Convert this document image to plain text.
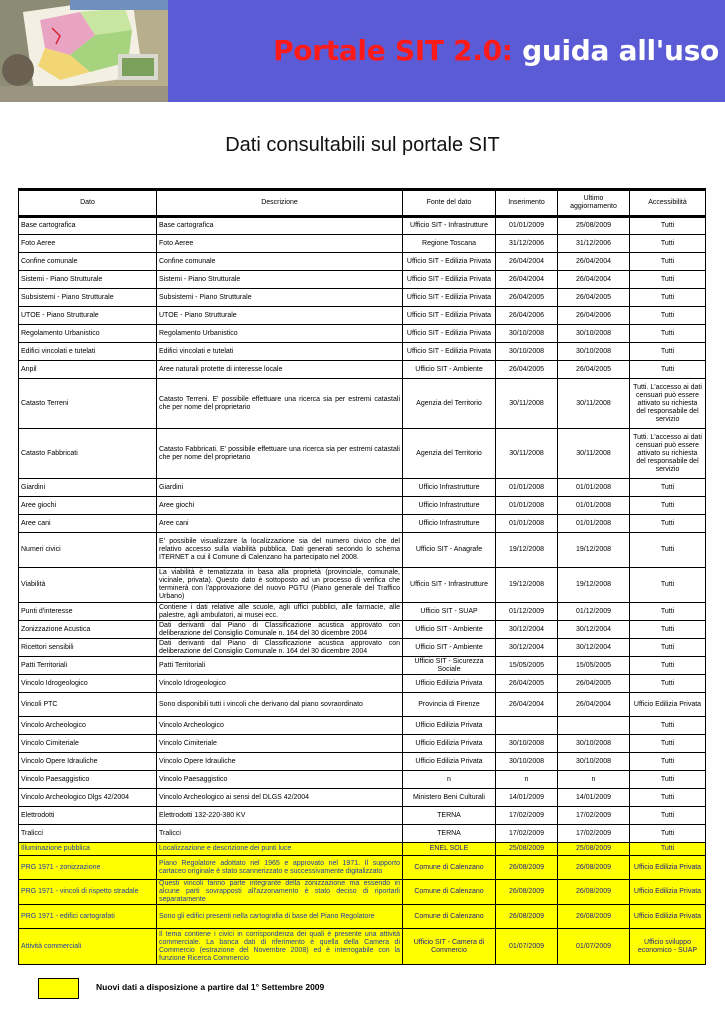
Portale SIT 2.0: guida all'uso
Dati consultabili sul portale SIT
Dato	Descrizione	Fonte del dato	Inserimento	Ultimo aggiornamento	Accessibilità
Base cartografica	Base cartografica	Ufficio SIT - Infrastrutture	01/01/2009	25/08/2009	Tutti
Foto Aeree	Foto Aeree	Regione Toscana	31/12/2006	31/12/2006	Tutti
Confine comunale	Confine comunale	Ufficio SIT - Edilizia Privata	26/04/2004	26/04/2004	Tutti
Sistemi - Piano Strutturale	Sistemi - Piano Strutturale	Ufficio SIT - Edilizia Privata	26/04/2004	26/04/2004	Tutti
Subsistemi - Piano Strutturale	Subsistemi - Piano Strutturale	Ufficio SIT - Edilizia Privata	26/04/2005	26/04/2005	Tutti
UTOE - Piano Strutturale	UTOE - Piano Strutturale	Ufficio SIT - Edilizia Privata	26/04/2006	26/04/2006	Tutti
Regolamento Urbanistico	Regolamento Urbanistico	Ufficio SIT - Edilizia Privata	30/10/2008	30/10/2008	Tutti
Edifici vincolati e tutelati	Edifici vincolati e tutelati	Ufficio SIT - Edilizia Privata	30/10/2008	30/10/2008	Tutti
Anpil	Aree naturali protette di interesse locale	Ufficio SIT - Ambiente	26/04/2005	26/04/2005	Tutti
Catasto Terreni	Catasto Terreni. E' possibile effettuare una ricerca sia per estremi catastali che per nome del proprietario	Agenzia del Territorio	30/11/2008	30/11/2008	Tutti. L'accesso ai dati censuari può essere attivato su richiesta del responsabile del servizio
Catasto Fabbricati	Catasto Fabbricati. E' possibile effettuare una ricerca sia per estremi catastali che per nome del proprietario	Agenzia del Territorio	30/11/2008	30/11/2008	Tutti. L'accesso ai dati censuari può essere attivato su richiesta del responsabile del servizio
Giardini	Giardini	Ufficio Infrastrutture	01/01/2008	01/01/2008	Tutti
Aree giochi	Aree giochi	Ufficio Infrastrutture	01/01/2008	01/01/2008	Tutti
Aree cani	Aree cani	Ufficio Infrastrutture	01/01/2008	01/01/2008	Tutti
Numeri civici	E' possibile visualizzare la localizzazione sia del numero civico che del relativo accesso sulla viabilità pubblica. Dati generati secondo lo schema ITERNET a cui il Comune di Calenzano ha partecipato nel 2008.	Ufficio SIT - Anagrafe	19/12/2008	19/12/2008	Tutti
Viabilità	La viabilità è tematizzata in basa alla proprietà (provinciale, comunale, vicinale, privata). Questo dato è sottoposto ad un processo di verifica che terminerà con l'approvazione del nuovo PGTU (Piano generale del Traffico Urbano)	Ufficio SIT - Infrastrutture	19/12/2008	19/12/2008	Tutti
Punti d'interesse	Contiene i dati relative alle scuole, agli uffici pubblici, alle farmacie, alle palestre, agli ambulatori, ai musei ecc.	Ufficio SIT - SUAP	01/12/2009	01/12/2009	Tutti
Zonizzazione Acustica	Dati derivanti dal Piano di Classificazione acustica approvato con deliberazione del Consiglio Comunale n. 164 del 30 dicembre 2004	Ufficio SIT - Ambiente	30/12/2004	30/12/2004	Tutti
Ricettori sensibili	Dati derivanti dal Piano di Classificazione acustica approvato con deliberazione del Consiglio Comunale n. 164 del 30 dicembre 2004	Ufficio SIT - Ambiente	30/12/2004	30/12/2004	Tutti
Patti Territoriali	Patti Territoriali	Ufficio SIT - Sicurezza Sociale	15/05/2005	15/05/2005	Tutti
Vincolo Idrogeologico	Vincolo Idrogeologico	Ufficio Edilizia Privata	26/04/2005	26/04/2005	Tutti
Vincoli PTC	Sono disponibili tutti i vincoli che derivano dal piano sovraordinato	Provincia di Firenze	26/04/2004	26/04/2004	Ufficio Edilizia Privata
Vincolo Archeologico	Vincolo Archeologico	Ufficio Edilizia Privata			Tutti
Vincolo Cimiteriale	Vincolo Cimiteriale	Ufficio Edilizia Privata	30/10/2008	30/10/2008	Tutti
Vincolo Opere Idrauliche	Vincolo Opere Idrauliche	Ufficio Edilizia Privata	30/10/2008	30/10/2008	Tutti
Vincolo Paesaggistico	Vincolo Paesaggistico	n	n	n	Tutti
Vincolo Archeologico Dlgs 42/2004	Vincolo Archeologico ai sensi del DLGS 42/2004	Ministero Beni Culturali	14/01/2009	14/01/2009	Tutti
Elettrodotti	Elettrodotti 132-220-380 KV	TERNA	17/02/2009	17/02/2009	Tutti
Tralicci	Tralicci	TERNA	17/02/2009	17/02/2009	Tutti
Illuminazione pubblica	Localizzazione e descrizione dei punti luce	ENEL SOLE	25/08/2009	25/08/2009	Tutti
PRG 1971 - zonizzazione	Piano Regolatore adottato nel 1965 e approvato nel 1971. Il supporto cartaceo originale è stato scannerizzato e successivamente digitalizzato	Comune di Calenzano	26/08/2009	26/08/2009	Ufficio Edilizia Privata
PRG 1971 - vincoli di rispetto stradale	Questi vincoli fanno parte integrante della zonizzazione ma essendo in alcune parti sovrapposti all'azzonamento è stato deciso di riportarli separatamente	Comune di Calenzano	26/08/2009	26/08/2009	Ufficio Edilizia Privata
PRG 1971 - edifici cartografati	Sono gli edifici presenti nella cartografia di base del Piano Regolatore	Comune di Calenzano	26/08/2009	26/08/2009	Ufficio Edilizia Privata
Attività commerciali	Il tema contiene i civici in corrispondenza dei quali è presente una attività commerciale. La banca dati di riferimento è quella della Camera di Commercio (estrazione del Novembre 2008) ed è interrogabile con la funzione Ricerca Commercio	Ufficio SIT - Camera di Commercio	01/07/2009	01/07/2009	Ufficio sviluppo economico - SUAP
Nuovi dati a disposizione a partire dal 1° Settembre 2009
